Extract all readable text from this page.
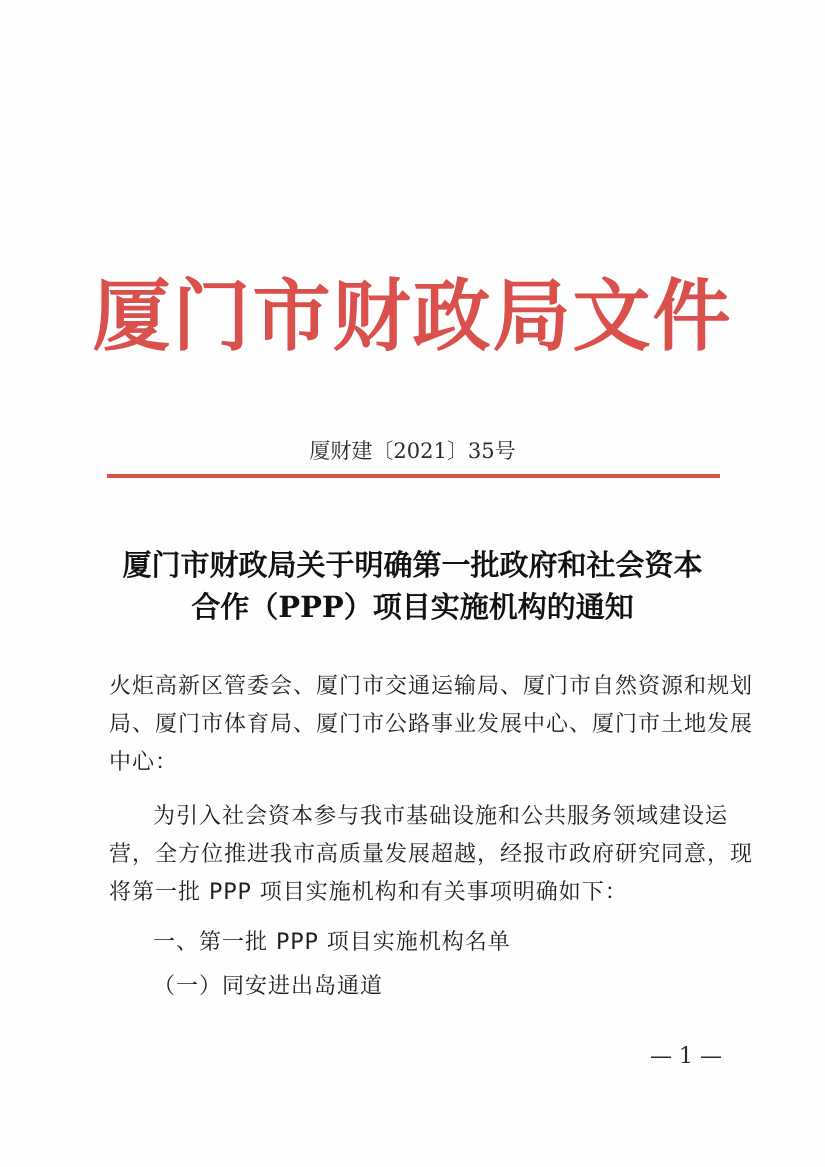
厦门市财政局文件
厦财建〔2021〕35号
厦门市财政局关于明确第一批政府和社会资本
合作（PPP）项目实施机构的通知
火炬高新区管委会、厦门市交通运输局、厦门市自然资源和规划
局、厦门市体育局、厦门市公路事业发展中心、厦门市土地发展
中心：
为引入社会资本参与我市基础设施和公共服务领域建设运
营，全方位推进我市高质量发展超越，经报市政府研究同意，现
将第一批 PPP 项目实施机构和有关事项明确如下：
一、第一批 PPP 项目实施机构名单
（一）同安进出岛通道
— 1 —
